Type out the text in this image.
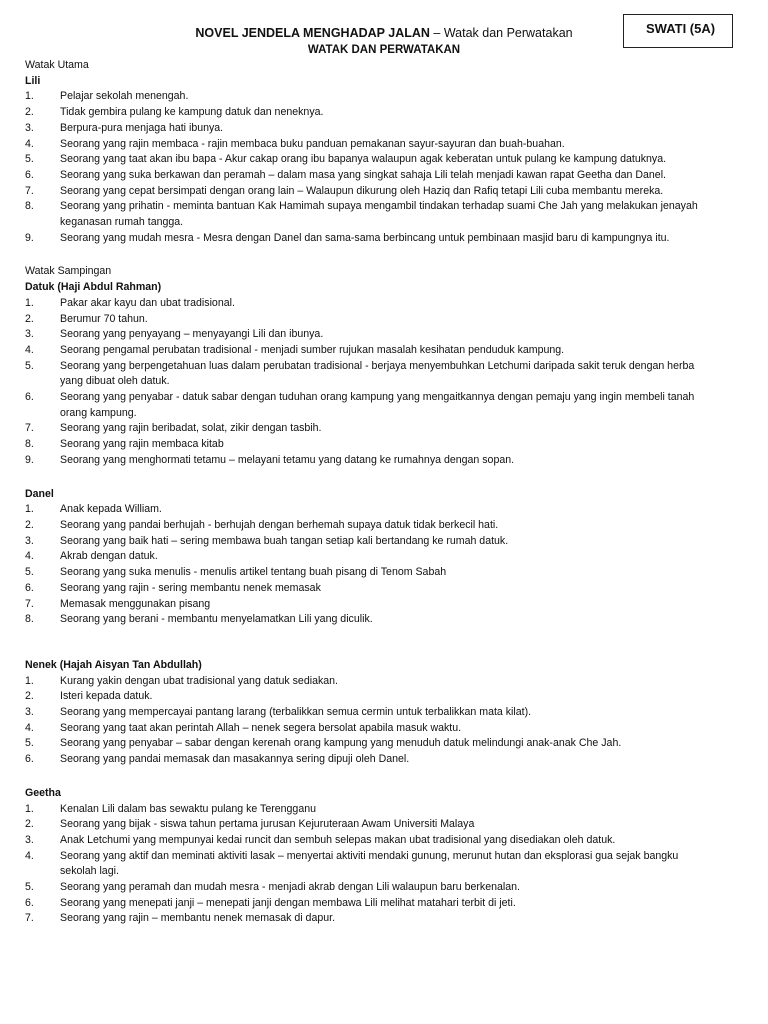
SWATI (5A)
NOVEL JENDELA MENGHADAP JALAN – Watak dan Perwatakan
WATAK DAN PERWATAKAN
Watak Utama
Lili
1.	Pelajar sekolah menengah.
2.	Tidak gembira pulang ke kampung datuk dan neneknya.
3.	Berpura-pura menjaga hati ibunya.
4.	Seorang yang rajin membaca - rajin membaca buku panduan pemakanan sayur-sayuran dan buah-buahan.
5.	Seorang yang taat akan ibu bapa - Akur cakap orang ibu bapanya walaupun agak keberatan untuk pulang ke kampung datuknya.
6.	Seorang yang suka berkawan dan peramah – dalam masa yang singkat sahaja Lili telah menjadi kawan rapat Geetha dan Danel.
7.	Seorang yang cepat bersimpati dengan orang lain – Walaupun dikurung oleh Haziq dan Rafiq tetapi Lili cuba membantu mereka.
8.	Seorang yang prihatin - meminta bantuan Kak Hamimah supaya mengambil tindakan terhadap suami Che Jah yang melakukan jenayah keganasan rumah tangga.
9.	Seorang yang mudah mesra - Mesra dengan Danel dan sama-sama berbincang untuk pembinaan masjid baru di kampungnya itu.
Watak Sampingan
Datuk (Haji Abdul Rahman)
1.	Pakar akar kayu dan ubat tradisional.
2.	Berumur 70 tahun.
3.	Seorang yang penyayang – menyayangi Lili dan ibunya.
4.	Seorang pengamal perubatan tradisional - menjadi sumber rujukan masalah kesihatan penduduk kampung.
5.	Seorang yang berpengetahuan luas dalam perubatan tradisional - berjaya menyembuhkan Letchumi daripada sakit teruk dengan herba yang dibuat oleh datuk.
6.	Seorang yang penyabar - datuk sabar dengan tuduhan orang kampung yang mengaitkannya dengan pemaju yang ingin membeli tanah orang kampung.
7.	Seorang yang rajin beribadat, solat, zikir dengan tasbih.
8.	Seorang yang rajin membaca kitab
9.	Seorang yang menghormati tetamu – melayani tetamu yang datang ke rumahnya dengan sopan.
Danel
1.	Anak kepada William.
2.	Seorang yang pandai berhujah - berhujah dengan berhemah supaya datuk tidak berkecil hati.
3.	Seorang yang baik hati – sering membawa buah tangan setiap kali bertandang ke rumah datuk.
4.	Akrab dengan datuk.
5.	Seorang yang suka menulis - menulis artikel tentang buah pisang di Tenom Sabah
6.	Seorang yang rajin - sering membantu nenek memasak
7.	Memasak menggunakan pisang
8.	Seorang yang berani - membantu menyelamatkan Lili yang diculik.
Nenek (Hajah Aisyan Tan Abdullah)
1.	Kurang yakin dengan ubat tradisional yang datuk sediakan.
2.	Isteri kepada datuk.
3.	Seorang yang mempercayai pantang larang (terbalikkan semua cermin untuk terbalikkan mata kilat).
4.	Seorang yang taat akan perintah Allah – nenek segera bersolat apabila masuk waktu.
5.	Seorang yang penyabar – sabar dengan kerenah orang kampung yang menuduh datuk melindungi anak-anak Che Jah.
6.	Seorang yang pandai memasak dan masakannya sering dipuji oleh Danel.
Geetha
1.	Kenalan Lili dalam bas sewaktu pulang ke Terengganu
2.	Seorang yang bijak - siswa tahun pertama jurusan Kejuruteraan Awam Universiti Malaya
3.	Anak Letchumi yang mempunyai kedai runcit dan sembuh selepas makan ubat tradisional yang disediakan oleh datuk.
4.	Seorang yang aktif dan meminati aktiviti lasak – menyertai aktiviti mendaki gunung, merunut hutan dan eksplorasi gua sejak bangku sekolah lagi.
5.	Seorang yang peramah dan mudah mesra - menjadi akrab dengan Lili walaupun baru berkenalan.
6.	Seorang yang menepati janji – menepati janji dengan membawa Lili melihat matahari terbit di jeti.
7.	Seorang yang rajin – membantu nenek memasak di dapur.
